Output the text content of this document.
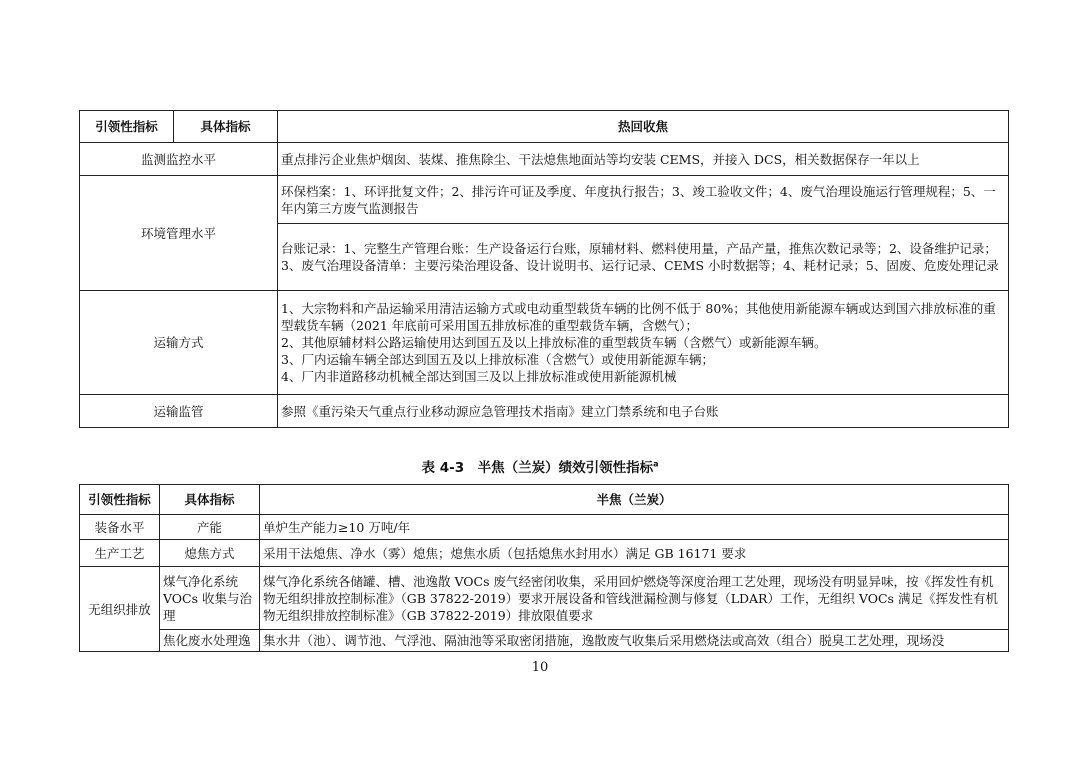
引领性指标	具体指标	热回收焦
监测监控水平		重点排污企业焦炉烟囱、装煤、推焦除尘、干法熄焦地面站等均安装 CEMS，并接入 DCS，相关数据保存一年以上
环境管理水平		环保档案：1、环评批复文件；2、排污许可证及季度、年度执行报告；3、竣工验收文件；4、废气治理设施运行管理规程；5、一年内第三方废气监测报告
		台账记录：1、完整生产管理台账：生产设备运行台账，原辅材料、燃料使用量，产品产量，推焦次数记录等；2、设备维护记录；3、废气治理设备清单：主要污染治理设备、设计说明书、运行记录、CEMS 小时数据等；4、耗材记录；5、固废、危废处理记录
运输方式		1、大宗物料和产品运输采用清洁运输方式或电动重型载货车辆的比例不低于 80%；其他使用新能源车辆或达到国六排放标准的重型载货车辆（2021 年底前可采用国五排放标准的重型载货车辆，含燃气）；

2、其他原辅材料公路运输使用达到国五及以上排放标准的重型载货车辆（含燃气）或新能源车辆。

3、厂内运输车辆全部达到国五及以上排放标准（含燃气）或使用新能源车辆；

4、厂内非道路移动机械全部达到国三及以上排放标准或使用新能源机械

运输监管		参照《重污染天气重点行业移动源应急管理技术指南》建立门禁系统和电子台账
表 4-3　半焦（兰炭）绩效引领性指标$^a$
引领性指标	具体指标	半焦（兰炭）
装备水平	产能	单炉生产能力≥10 万吨/年
生产工艺	熄焦方式	采用干法熄焦、净水（雾）熄焦；熄焦水质（包括熄焦水封用水）满足 GB 16171 要求
无组织排放	煤气净化系统 VOCs 收集与治理	煤气净化系统各储罐、槽、池逸散 VOCs 废气经密闭收集，采用回炉燃烧等深度治理工艺处理，现场没有明显异味，按《挥发性有机物无组织排放控制标准》（GB 37822-2019）要求开展设备和管线泄漏检测与修复（LDAR）工作，无组织 VOCs 满足《挥发性有机物无组织排放控制标准》（GB 37822-2019）排放限值要求
	焦化废水处理逸	集水井（池）、调节池、气浮池、隔油池等采取密闭措施，逸散废气收集后采用燃烧法或高效（组合）脱臭工艺处理，现场没
10
